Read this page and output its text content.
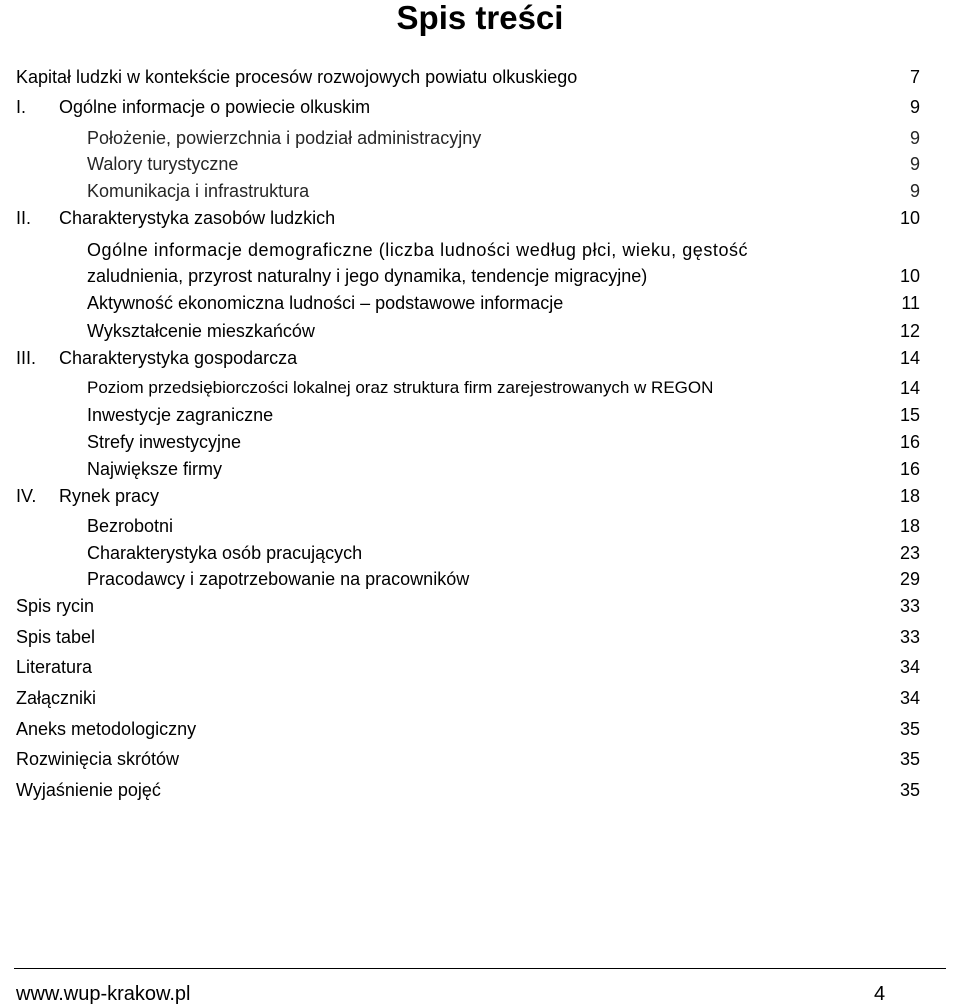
Spis treści
Kapitał ludzki w kontekście procesów rozwojowych powiatu olkuskiego	7
I. Ogólne informacje o powiecie olkuskim	9
Położenie, powierzchnia i podział administracyjny	9
Walory turystyczne	9
Komunikacja i infrastruktura	9
II. Charakterystyka zasobów ludzkich	10
Ogólne informacje demograficzne (liczba ludności według płci, wieku, gęstość
zaludnienia, przyrost naturalny i jego dynamika, tendencje migracyjne)	10
Aktywność ekonomiczna ludności – podstawowe informacje	11
Wykształcenie mieszkańców	12
III. Charakterystyka gospodarcza	14
Poziom przedsiębiorczości lokalnej oraz struktura firm zarejestrowanych w REGON	14
Inwestycje zagraniczne	15
Strefy inwestycyjne	16
Największe firmy	16
IV. Rynek pracy	18
Bezrobotni	18
Charakterystyka osób pracujących	23
Pracodawcy i zapotrzebowanie na pracowników	29
Spis rycin	33
Spis tabel	33
Literatura	34
Załączniki	34
Aneks metodologiczny	35
Rozwinięcia skrótów	35
Wyjaśnienie pojęć	35
www.wup-krakow.pl	4
